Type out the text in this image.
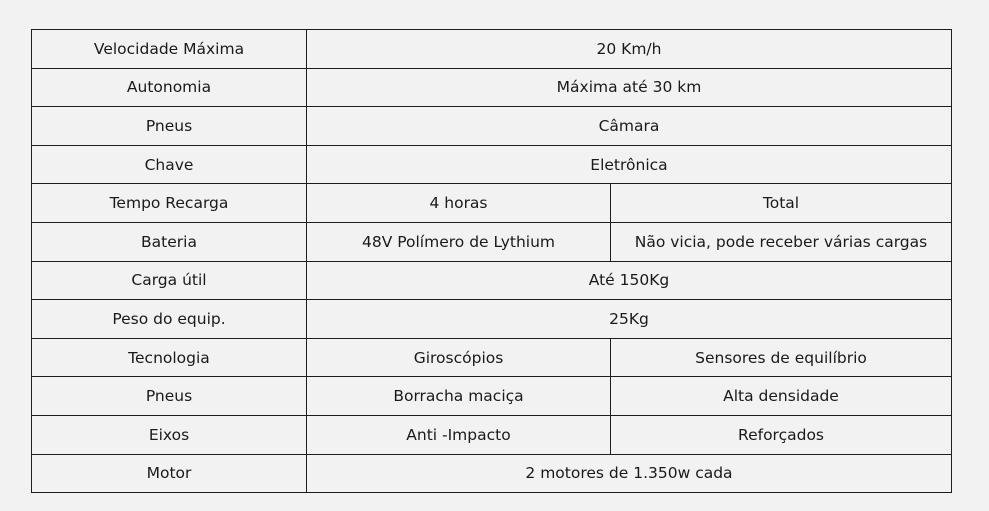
Velocidade Máxima	20 Km/h	
Autonomia	Máxima até 30 km	
Pneus	Câmara	
Chave	Eletrônica	
Tempo Recarga	4 horas	Total
Bateria	48V Polímero de Lythium	Não vicia, pode receber várias cargas
Carga útil	Até 150Kg	
Peso do equip.	25Kg	
Tecnologia	Giroscópios	Sensores de equilíbrio
Pneus	Borracha maciça	Alta densidade
Eixos	Anti -Impacto	Reforçados
Motor	2 motores de 1.350w cada	
